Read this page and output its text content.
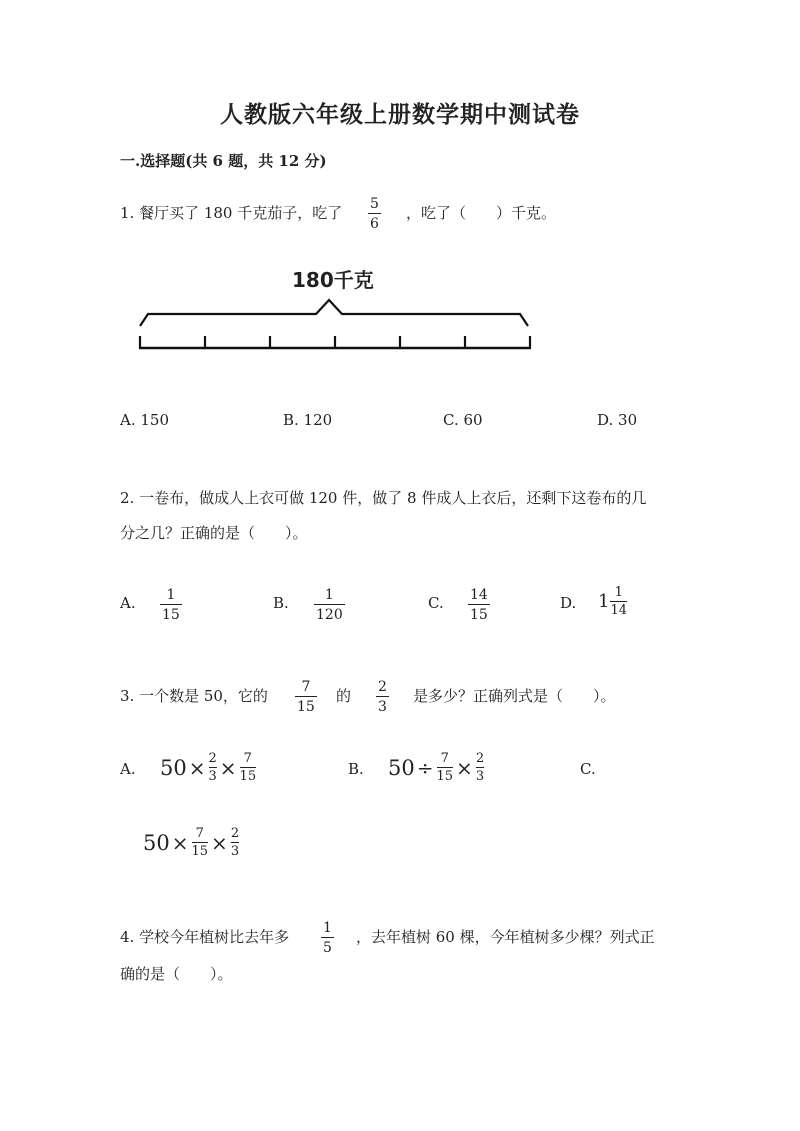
人教版六年级上册数学期中测试卷
一.选择题(共 6 题，共 12 分)
1. 餐厅买了 180 千克茄子，吃了 5
6
，吃了（　　）千克。
180千克
A. 150	B. 120	C. 60	D. 30
2. 一卷布，做成人上衣可做 120 件，做了 8 件成人上衣后，还剩下这卷布的几
分之几？正确的是（　　）。
A. 1
15
B.	1
120
C. 14
15
D. 1 1
14
3. 一个数是 50，它的 7
15
的 2
3
是多少？正确列式是（　　）。
A. 50 × 2
3 × 7
15	B. 50 ÷ 7
15 × 2
3	C.
50 × 7
15 × 2
3
4. 学校今年植树比去年多 1
5
，去年植树 60 棵，今年植树多少棵？列式正
确的是（　　）。
